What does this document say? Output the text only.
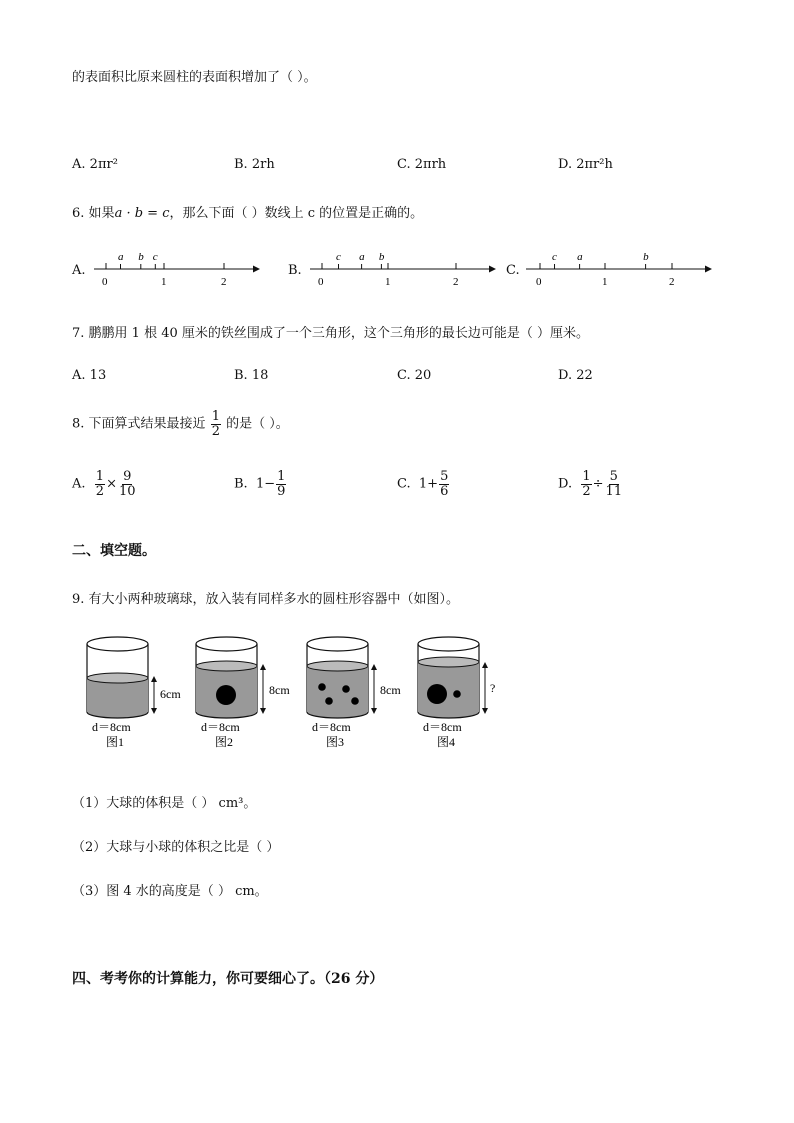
的表面积比原来圆柱的表面积增加了（ ）。
A. 2πr²	B. 2rh	C. 2πrh	D. 2πr²h
6. 如果a · b = c，那么下面（ ）数线上 c 的位置是正确的。
A.	B.	C.
0	1	2
a b c
0	1	2
c a b
0	1	2
c a	b
7. 鹏鹏用 1 根 40 厘米的铁丝围成了一个三角形，这个三角形的最长边可能是（ ）厘米。
A. 13	B. 18	C. 20	D. 22
8. 下面算式结果最接近 $\frac{1}{2}$ 的是（ ）。
A. $\frac{1}{2} \times \frac{9}{10}$	B. $1- \frac{1}{9}$	C. $1+ \frac{5}{6}$	D. $\frac{1}{2} \div \frac{5}{11}$
二、填空题。
9. 有大小两种玻璃球，放入装有同样多水的圆柱形容器中（如图）。
6cm
d＝8cm
图1
8cm
d＝8cm
图2
8cm
d＝8cm
图3
?
d＝8cm
图4
（1）大球的体积是（ ） cm³。
（2）大球与小球的体积之比是（ ）
（3）图 4 水的高度是（ ） cm。
四、考考你的计算能力，你可要细心了。（26 分）
